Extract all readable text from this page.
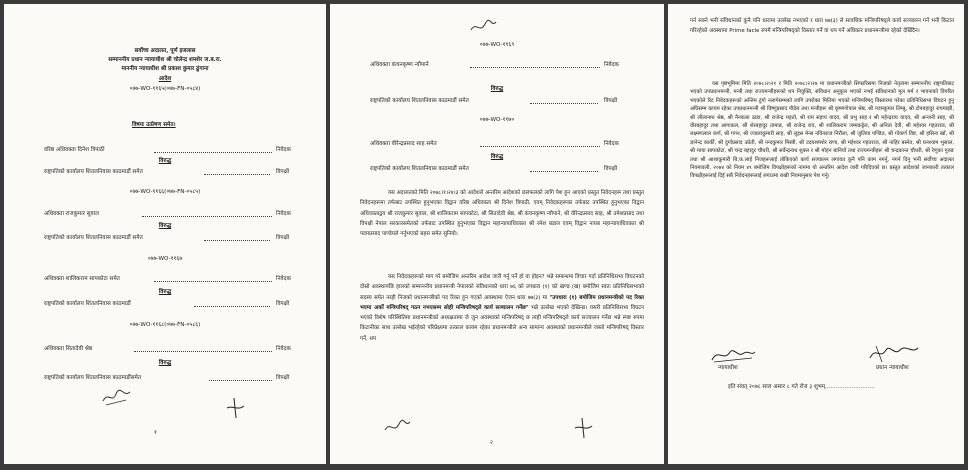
सर्वोच्च अदालत, पूर्ण इजलास
सम्माननीय प्रधान न्यायाधीश श्री चोलेन्द्र शमशेर ज.ब.रा.
माननीय न्यायाधीश श्री प्रकाश कुमार ढुंगाना
आदेश
०७७-WO-११६५(०७७-FN-०५८४)
विषयः उत्प्रेषण समेत।
वरिष्ठ अधिवक्ता दिनेश त्रिपाठी	निवेदक
विरुद्ध
राष्ट्रपतिको कार्यालय शितलनिवास काठमाडौं समेत	विपक्षी
०७७-WO-११६६(०७७-FN-०५८५)
अधिवक्ता राजकुमार सुवाल	निवेदक
विरुद्ध
राष्ट्रपतिको कार्यालय शितलनिवास काठमाडौं समेत	विपक्षी
०७७-WO-११६७
अधिवक्ता शालिकराम सापकोटा समेत	निवेदक
विरुद्ध
राष्ट्रपतिको कार्यालय शितलनिवास काठमाडौं	विपक्षी
०७७-WO-११६८(०७७-FN-०५८६)
अधिवक्ता सितादेवी श्रेष्ठ	निवेदक
विरुद्ध
राष्ट्रपतिको कार्यालय शितलनिवास काठमाडौंसमेत	विपक्षी
१
०७७-WO-११६९
अधिवक्ता कंचनकृष्ण न्यौपाने	निवेदक
विरुद्ध
राष्ट्रपतिको कार्यालय शितलनिवास काठमाडौं समेत	विपक्षी
०७७-WO-११७०
अधिवक्ता वीरेन्द्रप्रसाद साह समेत	निवेदक
विरुद्ध
राष्ट्रपतिको कार्यालय शितलनिवास काठमाडौं समेत	विपक्षी
यस अदालतको मिति २०७८।१।२४।३ को आदेशले अन्तरिम आदेशको छलफलको लागि पेश हुन आएको प्रस्तुत निवेदनहरू तथा प्रस्तुत निवेदनहरूमा तर्फबाट उपस्थित हुनुभएका विद्वान वरिष्ठ अधिवक्ता श्री दिनेश त्रिपाठी, एवम् निवेदकहरूका तर्फबाट उपस्थित हुनुभएका विद्वान अधिवक्ताद्वय श्री राजकुमार सुवाल, श्री शालिकराम सापकोटा, श्री सितादेवी श्रेष्ठ, श्री कंचनकृष्ण न्यौपाने, श्री वीरेन्द्रप्रसाद साह, श्री उमेशप्रसाद तथा विपक्षी नेपाल सरकारसमेतको तर्फबाट उपस्थित हुनुभएका विद्वान महान्यायाधिवक्ता श्री रमेश बडाल एवम् विद्वान नायब महान्यायाधिवक्ता श्री पदमप्रसाद पाण्डेयले गर्नुभएको बहस समेत सुनियो।
यस निवेदकहरूको माग गरे बमोजिम अन्तरिम आदेश जारी गर्नु पर्ने हो वा होइन? भन्ने सम्बन्धमा विचार गर्दा प्रतिनिधिसभा विघटनको दोस्रो अवस्थापछि हालको सम्माननीय प्रधानमन्त्री नेपालको संविधानको धारा ७६ को उपधारा (१) को खण्ड (ख) बमोजिम स्वतः प्रतिनिधिसभाको सदस्य समेत नरही निजको प्रधानमन्त्रीको पद रिक्त हुन गएको अवस्थामा ऐजन धारा ७७(३) मा "उपधारा (१) बमोजिम प्रधानमन्त्रीको पद रिक्त भएमा अर्को मन्त्रिपरिषद् गठन नभएसम्म सोही मन्त्रिपरिषद्ले कार्य सञ्चालन गर्नेछ" भन्ने उल्लेख भएको देखिन्छ। यसरी प्रतिनिधिसभा विघटन भएको विशेष परिस्थितिमा प्रधानमन्त्रीको अध्यक्षतामा जे जुन अवस्थाको मन्त्रिपरिषद् छ त्यही मन्त्रिपरिषद्ले कार्य सञ्चालन गर्नेछ भन्ने स्पष्ट रुपमा किटानीका साथ उल्लेख भईरहेको परिप्रेक्ष्यमा तत्काल कायम रहेका प्रधानमन्त्रीले अन्य सामान्य अवस्थाको प्रधानमन्त्रीले जस्तो मन्त्रिपरिषद् विस्तार गर्ने, थप
२
गर्न सक्ने भनी संविधानको कुनै पनि धारामा उल्लेख नभएको र धारा ७७(३) ले सावधिक मन्त्रिपरिषद्ले कार्य सञ्चालन गर्ने भनी किटान गरिरहेको अवस्थामा Prime facie रुपमै मन्त्रिपरिषद्को विस्तार गर्ने वा थप गर्ने अधिकार प्रधानमन्त्रीमा रहेको देखिँदैन।
यस पृष्ठभूमिमा मिति २०७८।२।२१ र मिति २०७८।२।२७ मा प्रधानमन्त्रीको सिफारिसमा निजको नेतृत्वमा सम्माननीय राष्ट्रपतिबाट भएको उपप्रधानमन्त्री, मन्त्री तथा राज्यमन्त्रीहरूको थप नियुक्ति, संविधान अनुकूल भएको नभई संविधानको मूल मर्म र भावनाको विपरित भएकोले रिट निवेदकहरूको अन्तिम टुंगो नलागेसम्मको लागि उपरोक्त मितिमा भएको मन्त्रिपरिषद् विस्तारमा परेका प्रतिनिधिसभा विघटन हुनु अघिसम्म कायम रहेका उपप्रधानमन्त्री श्री विष्णुप्रसाद पौडेल तथा मन्त्रीहरू श्री कृष्णगोपाल श्रेष्ठ, श्री पदमकुमार लिम्बु, श्री टोपबहादुर रायमाझी, श्री लीलानाथ श्रेष्ठ, श्री नैनकला ठाडा, श्री राजेन्द्र महतो, श्री राम सहाय यादव, श्री प्रभु साह र श्री महेन्द्रराय यादव, श्री अन्जनी साह, श्री वीरबहादुर तथा आगाकल, श्री शेरबहादुर तामाङ, श्री राजेन्द्र राय, श्री शालिकराम जम्मकट्टेल, श्री अनिता देवी, श्री महेश्वर गहतराज, श्री लक्ष्मणलाल कर्ण, श्री गगन, श्री ज्वालाकुमारी साह, श्री लुइस मेन्स नविनराज निरौला, श्री जुलिया पण्डित, श्री गोकर्ण विष्ट, श्री हसिना खाँ, श्री ज्ञानेन्द्र कार्की, श्री दुर्गाप्रसाद उप्रेती, श्री नन्दकुमार मिस्त्री, श्री उदयशमशेर राणा, श्री महेश्वर गहतराज, श्री नाहिर बस्नेत, श्री घनश्याम भुसाल, श्री माया सापकोटा, श्री चन्द्र बहादुर चौधरी, श्री सर्वेन्द्रनाथ शुक्ल र श्री मोहन बानियाँ तथा राज्यमन्त्रीहरू श्री चन्द्रकान्त चौधरी, श्री रेणुका गुरुङ तथा श्री आशाकुमारी बि.क.लाई निजहरूलाई तोकिएको कार्य सञ्चालन लगायत कुनै पनि काम नगर्नु, नगर्न दिनु भनी सर्वोच्च अदालत नियमावली, २०७४ को नियम ४९ बमोजिम विपक्षीहरूको नाममा यो अन्तरिम आदेश जारी गरिदिएको छ। प्रस्तुत आदेशको जानकारी तत्काल विपक्षीहरूलाई दिई सबै निवेदनहरूलाई लगाउमा राखी नियमानुसार पेश गर्नू।
न्यायाधीश	प्रधान न्यायाधीश
इति संवत् २०७८ साल असार ८ गते रोज ३ शुभम्............................
